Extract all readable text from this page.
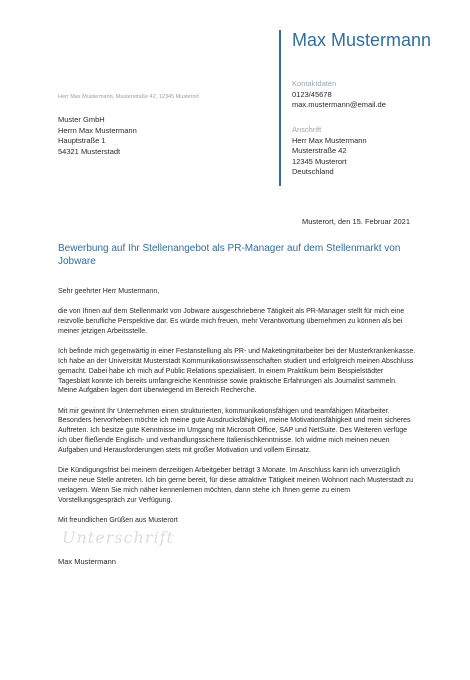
Max Mustermann
Kontaktdaten
0123/45678
max.mustermann@email.de
Anschrift
Herr Max Mustermann
Musterstraße 42
12345 Musterort
Deutschland
Herr Max Mustermann, Musterstraße 42, 12345 Musterort
Muster GmbH
Herrn Max Mustermann
Hauptstraße 1
54321 Musterstadt
Musterort, den 15. Februar 2021
Bewerbung auf Ihr Stellenangebot als PR-Manager auf dem Stellenmarkt von Jobware

Sehr geehrter Herr Mustermann,

die von Ihnen auf dem Stellenmarkt von Jobware ausgeschriebene Tätigkeit als PR-Manager stellt für mich eine reizvolle berufliche Perspektive dar. Es würde mich freuen, mehr Verantwortung übernehmen zu können als bei meiner jetzigen Arbeitsstelle.

Ich befinde mich gegenwärtig in einer Festanstellung als PR- und Maketingmitarbeiter bei der Musterkrankenkasse. Ich habe an der Universität Musterstadt Kommunikationswissenschaften studiert und erfolgreich meinen Abschluss gemacht. Dabei habe ich mich auf Public Relations spezialisiert. In einem Praktikum beim Beispielstädter Tagesblatt konnte ich bereits umfangreiche Kenntnisse sowie praktische Erfahrungen als Journalist sammeln. Meine Aufgaben lagen dort überwiegend im Bereich Recherche.

Mit mir gewinnt Ihr Unternehmen einen strukturierten, kommunikationsfähigen und teamfähigen Mitarbeiter. Besonders hervorheben möchte ich meine gute Ausdrucksfähigkeit, meine Motivationsfähigkeit und mein sicheres Auftreten. Ich besitze gute Kenntnisse im Umgang mit Microsoft Office, SAP und NetSuite. Des Weiteren verfüge ich über fließende Englisch- und verhandlungssichere Italienischkenntnisse. Ich widme mich meinen neuen Aufgaben und Herausforderungen stets mit großer Motivation und vollem Einsatz.

Die Kündigungsfrist bei meinem derzeitigen Arbeitgeber beträgt 3 Monate. Im Anschluss kann ich unverzüglich meine neue Stelle antreten. Ich bin gerne bereit, für diese attraktive Tätigkeit meinen Wohnort nach Musterstadt zu verlagern. Wenn Sie mich näher kennenlernen möchten, dann stehe ich Ihnen gerne zu einem Vorstellungsgespräch zur Verfügung.

Mit freundlichen Grüßen aus Musterort

Unterschrift
Max Mustermann
